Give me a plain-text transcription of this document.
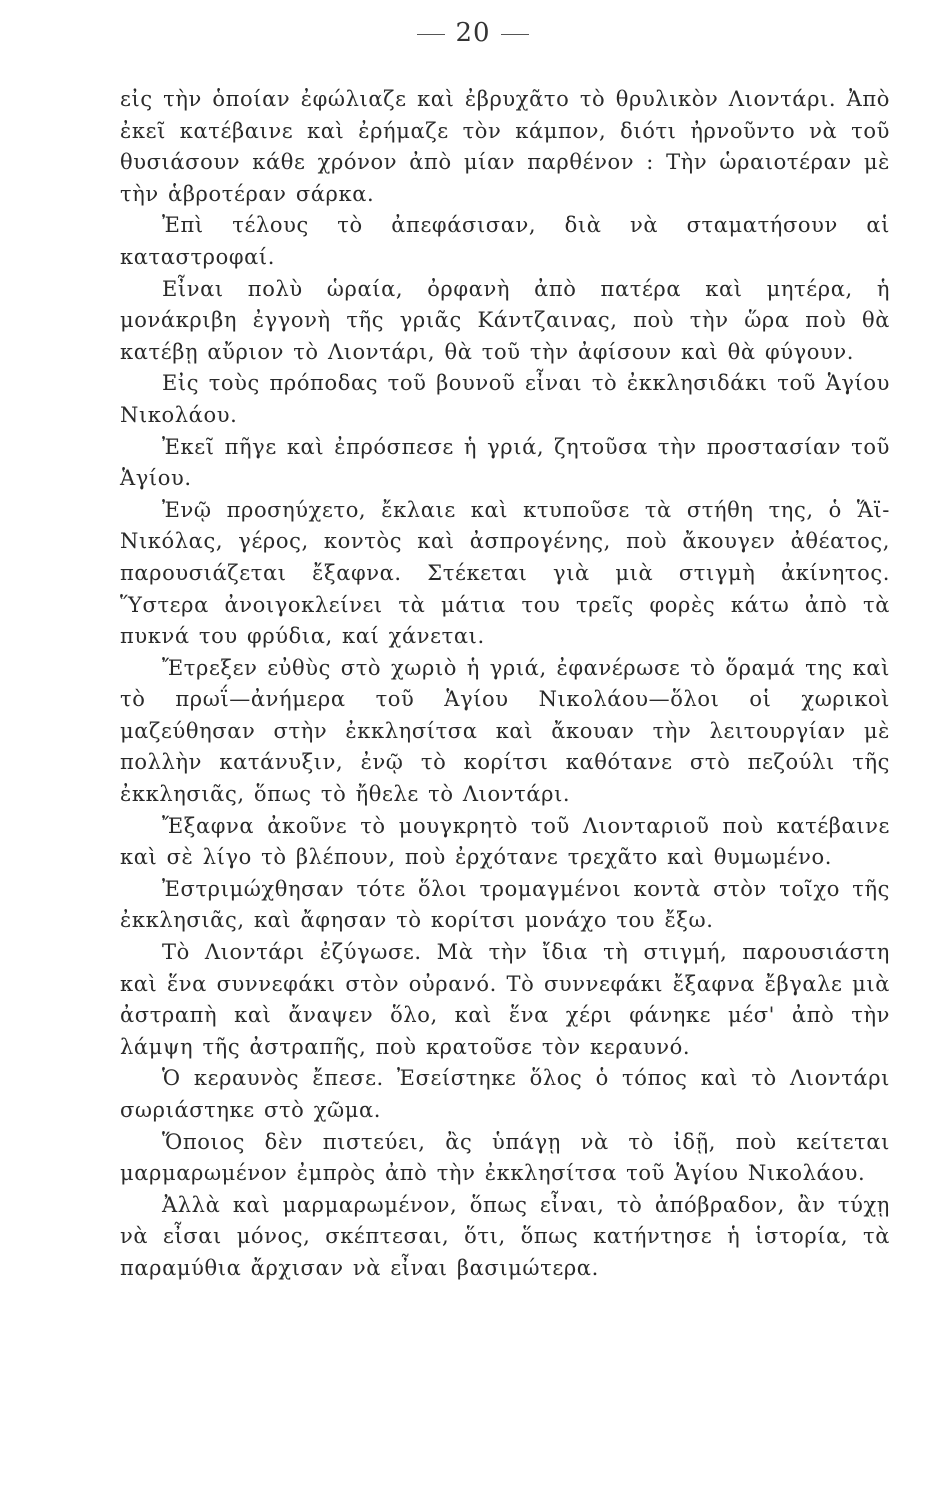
20

εἰς τὴν ὁποίαν ἐφώλιαζε καὶ ἐβρυχᾶτο τὸ θρυλικὸν Λιοντάρι. Ἀπὸ ἐκεῖ κατέβαινε καὶ ἐρήμαζε τὸν κάμπον, διότι ἠρνοῦντο νὰ τοῦ θυσιάσουν κάθε χρόνον ἀπὸ μίαν παρθένον : Τὴν ὡραιοτέραν μὲ τὴν ἁβροτέραν σάρκα.

Ἐπὶ τέλους τὸ ἀπεφάσισαν, διὰ νὰ σταματήσουν αἱ καταστροφαί.

Εἶναι πολὺ ὡραία, ὀρφανὴ ἀπὸ πατέρα καὶ μητέρα, ἡ μονάκριβη ἐγγονὴ τῆς γριᾶς Κάντζαινας, ποὺ τὴν ὥρα ποὺ θὰ κατέβῃ αὔριον τὸ Λιοντάρι, θὰ τοῦ τὴν ἀφίσουν καὶ θὰ φύγουν.

Εἰς τοὺς πρόποδας τοῦ βουνοῦ εἶναι τὸ ἐκκλησιδάκι τοῦ Ἁγίου Νικολάου.

Ἐκεῖ πῆγε καὶ ἐπρόσπεσε ἡ γριά, ζητοῦσα τὴν προστασίαν τοῦ Ἁγίου.

Ἐνῷ προσηύχετο, ἔκλαιε καὶ κτυποῦσε τὰ στήθη της, ὁ Ἅϊ-Νικόλας, γέρος, κοντὸς καὶ ἀσπρογένης, ποὺ ἄκουγεν ἀθέατος, παρουσιάζεται ἔξαφνα. Στέκεται γιὰ μιὰ στιγμὴ ἀκίνητος. Ὕστερα ἀνοιγοκλείνει τὰ μάτια του τρεῖς φορὲς κάτω ἀπὸ τὰ πυκνά του φρύδια, καί χάνεται.

Ἔτρεξεν εὐθὺς στὸ χωριὸ ἡ γριά, ἐφανέρωσε τὸ ὅραμά της καὶ τὸ πρωΐ—ἀνήμερα τοῦ Ἁγίου Νικολάου—ὅλοι οἱ χωρικοὶ μαζεύθησαν στὴν ἐκκλησίτσα καὶ ἄκουαν τὴν λειτουργίαν μὲ πολλὴν κατάνυξιν, ἐνῷ τὸ κορίτσι καθότανε στὸ πεζούλι τῆς ἐκκλησιᾶς, ὅπως τὸ ἤθελε τὸ Λιοντάρι.

Ἔξαφνα ἀκοῦνε τὸ μουγκρητὸ τοῦ Λιονταριοῦ ποὺ κατέβαινε καὶ σὲ λίγο τὸ βλέπουν, ποὺ ἐρχότανε τρεχᾶτο καὶ θυμωμένο.

Ἐστριμώχθησαν τότε ὅλοι τρομαγμένοι κοντὰ στὸν τοῖχο τῆς ἐκκλησιᾶς, καὶ ἄφησαν τὸ κορίτσι μονάχο του ἔξω.

Τὸ Λιοντάρι ἐζύγωσε. Μὰ τὴν ἴδια τὴ στιγμή, παρουσιάστη καὶ ἕνα συννεφάκι στὸν οὐρανό. Τὸ συννεφάκι ἔξαφνα ἔβγαλε μιὰ ἀστραπὴ καὶ ἄναψεν ὅλο, καὶ ἕνα χέρι φάνηκε μέσ' ἀπὸ τὴν λάμψη τῆς ἀστραπῆς, ποὺ κρατοῦσε τὸν κεραυνό.

Ὁ κεραυνὸς ἔπεσε. Ἐσείστηκε ὅλος ὁ τόπος καὶ τὸ Λιοντάρι σωριάστηκε στὸ χῶμα.

Ὅποιος δὲν πιστεύει, ἂς ὑπάγῃ νὰ τὸ ἰδῇ, ποὺ κείτεται μαρμαρωμένον ἐμπρὸς ἀπὸ τὴν ἐκκλησίτσα τοῦ Ἁγίου Νικολάου.

Ἀλλὰ καὶ μαρμαρωμένον, ὅπως εἶναι, τὸ ἀπόβραδον, ἂν τύχῃ νὰ εἶσαι μόνος, σκέπτεσαι, ὅτι, ὅπως κατήντησε ἡ ἱστορία, τὰ παραμύθια ἄρχισαν νὰ εἶναι βασιμώτερα.
